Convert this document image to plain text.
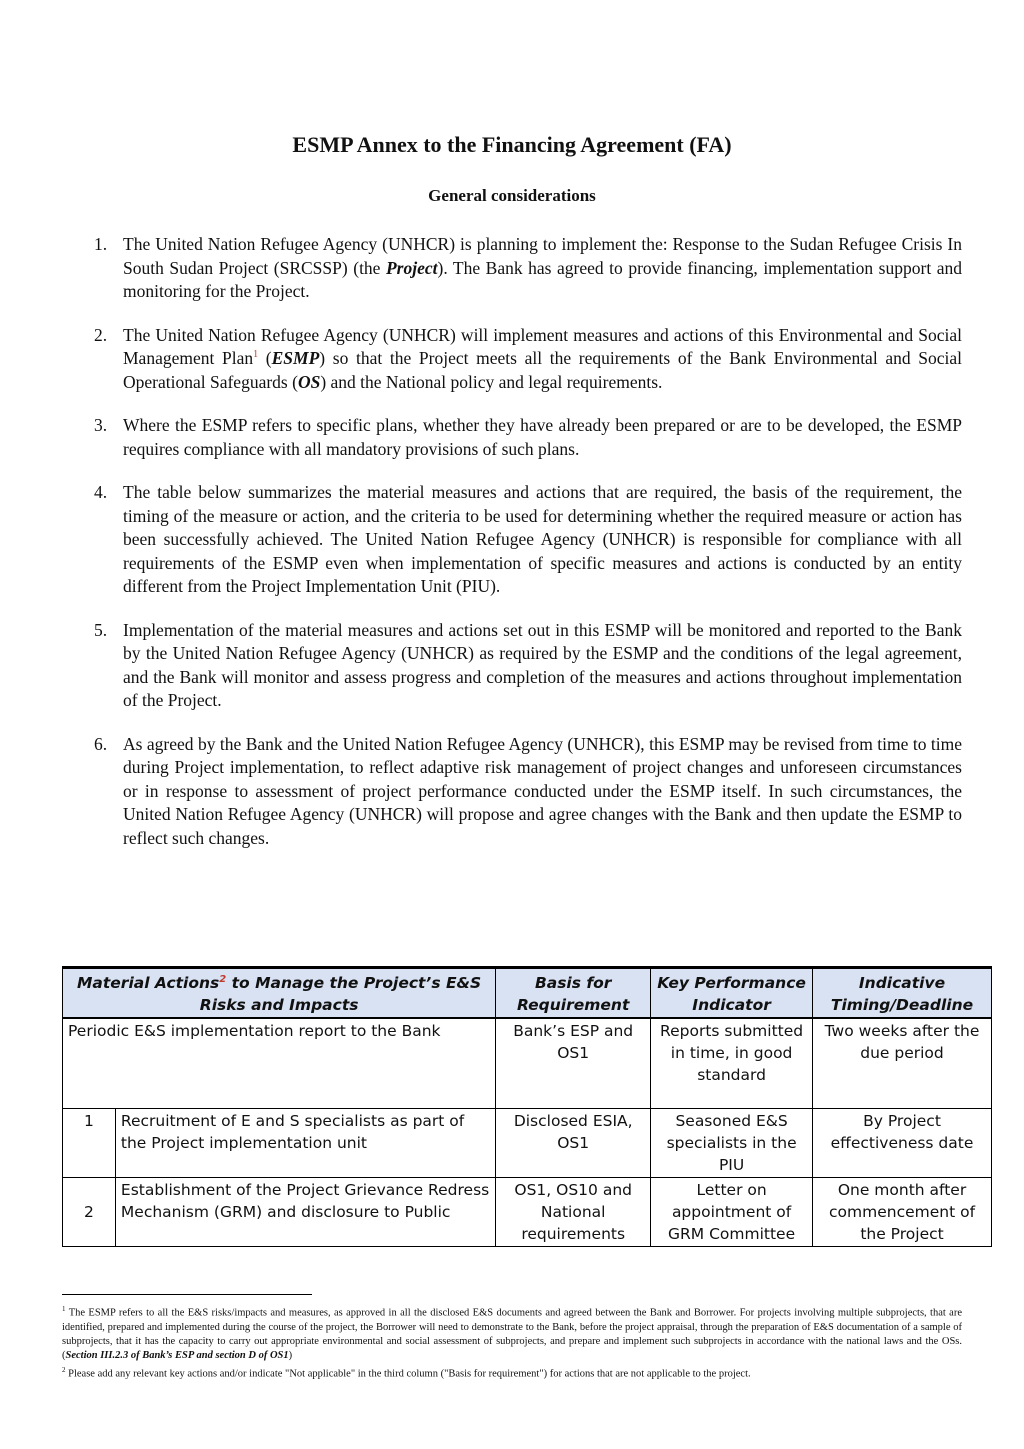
ESMP Annex to the Financing Agreement (FA)
General considerations
1. The United Nation Refugee Agency (UNHCR) is planning to implement the: Response to the Sudan Refugee Crisis In South Sudan Project (SRCSSP) (the Project). The Bank has agreed to provide financing, implementation support and monitoring for the Project.
2. The United Nation Refugee Agency (UNHCR) will implement measures and actions of this Environmental and Social Management Plan$^1$ (ESMP) so that the Project meets all the requirements of the Bank Environmental and Social Operational Safeguards (OS) and the National policy and legal requirements.
3. Where the ESMP refers to specific plans, whether they have already been prepared or are to be developed, the ESMP requires compliance with all mandatory provisions of such plans.
4. The table below summarizes the material measures and actions that are required, the basis of the requirement, the timing of the measure or action, and the criteria to be used for determining whether the required measure or action has been successfully achieved. The United Nation Refugee Agency (UNHCR) is responsible for compliance with all requirements of the ESMP even when implementation of specific measures and actions is conducted by an entity different from the Project Implementation Unit (PIU).
5. Implementation of the material measures and actions set out in this ESMP will be monitored and reported to the Bank by the United Nation Refugee Agency (UNHCR) as required by the ESMP and the conditions of the legal agreement, and the Bank will monitor and assess progress and completion of the measures and actions throughout implementation of the Project.
6. As agreed by the Bank and the United Nation Refugee Agency (UNHCR), this ESMP may be revised from time to time during Project implementation, to reflect adaptive risk management of project changes and unforeseen circumstances or in response to assessment of project performance conducted under the ESMP itself. In such circumstances, the United Nation Refugee Agency (UNHCR) will propose and agree changes with the Bank and then update the ESMP to reflect such changes.
Material Actions$^2$ to Manage the Project’s E&S Risks and Impacts		Basis for Requirement	Key Performance Indicator	Indicative Timing/Deadline
Periodic E&S implementation report to the Bank		Bank’s ESP and OS1	Reports submitted in time, in good standard	Two weeks after the due period
1	Recruitment of E and S specialists as part of the Project implementation unit	Disclosed ESIA, OS1	Seasoned E&S specialists in the PIU	By Project effectiveness date
2	Establishment of the Project Grievance Redress Mechanism (GRM) and disclosure to Public	OS1, OS10 and National requirements	Letter on appointment of GRM Committee	One month after commencement of the Project

$^1$ The ESMP refers to all the E&S risks/impacts and measures, as approved in all the disclosed E&S documents and agreed between the Bank and Borrower. For projects involving multiple subprojects, that are identified, prepared and implemented during the course of the project, the Borrower will need to demonstrate to the Bank, before the project appraisal, through the preparation of E&S documentation of a sample of subprojects, that it has the capacity to carry out appropriate environmental and social assessment of subprojects, and prepare and implement such subprojects in accordance with the national laws and the OSs. (Section III.2.3 of Bank’s ESP and section D of OS1)

$^2$ Please add any relevant key actions and/or indicate "Not applicable" in the third column ("Basis for requirement") for actions that are not applicable to the project.
